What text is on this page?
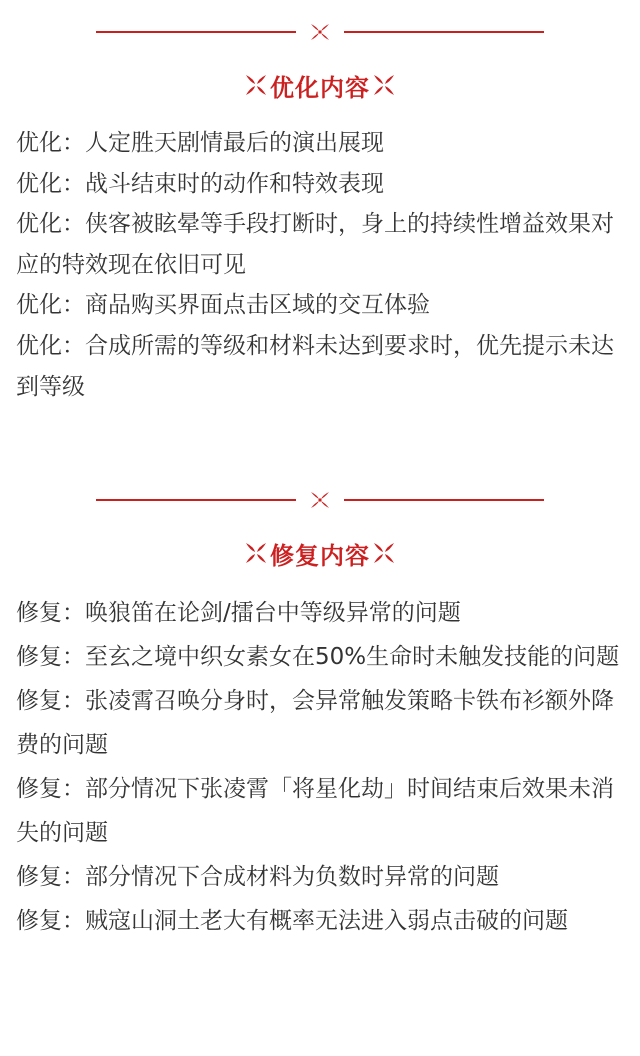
优化内容
优化：人定胜天剧情最后的演出展现
优化：战斗结束时的动作和特效表现
优化：侠客被眩晕等手段打断时，身上的持续性增益效果对应的特效现在依旧可见
优化：商品购买界面点击区域的交互体验
优化：合成所需的等级和材料未达到要求时，优先提示未达到等级
修复内容
修复：唤狼笛在论剑/擂台中等级异常的问题
修复：至玄之境中织女素女在50%生命时未触发技能的问题
修复：张凌霄召唤分身时，会异常触发策略卡铁布衫额外降费的问题
修复：部分情况下张凌霄「将星化劫」时间结束后效果未消失的问题
修复：部分情况下合成材料为负数时异常的问题
修复：贼寇山洞土老大有概率无法进入弱点击破的问题
